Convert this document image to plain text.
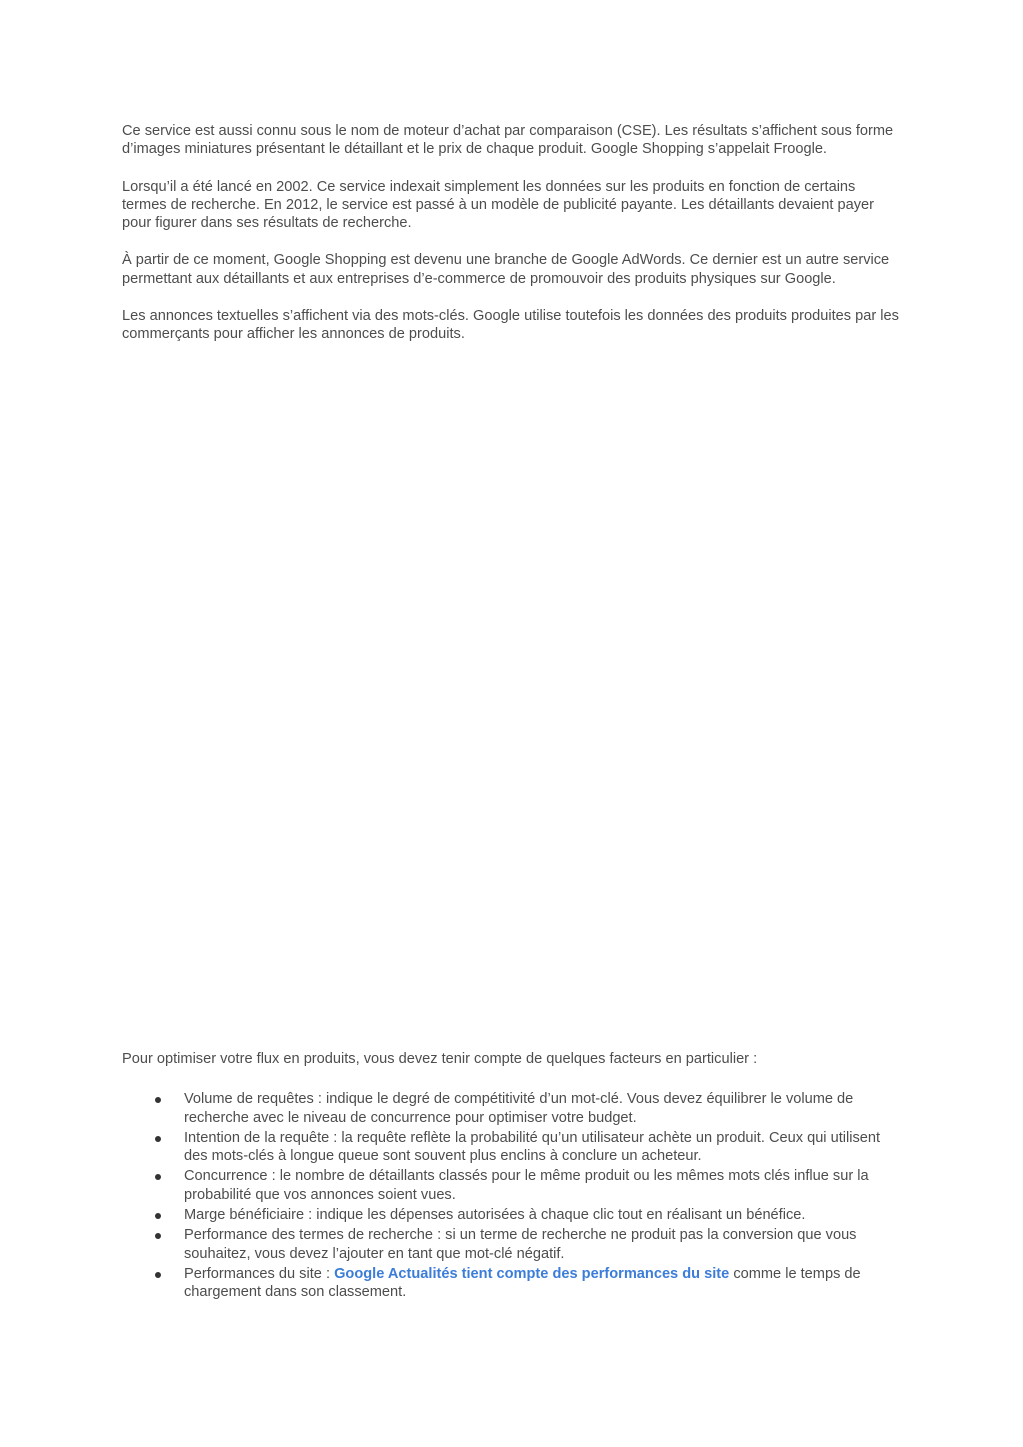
Ce service est aussi connu sous le nom de moteur d’achat par comparaison (CSE). Les résultats s’affichent sous forme d’images miniatures présentant le détaillant et le prix de chaque produit. Google Shopping s’appelait Froogle.

Lorsqu’il a été lancé en 2002. Ce service indexait simplement les données sur les produits en fonction de certains termes de recherche. En 2012, le service est passé à un modèle de publicité payante. Les détaillants devaient payer pour figurer dans ses résultats de recherche.

À partir de ce moment, Google Shopping est devenu une branche de Google AdWords. Ce dernier est un autre service permettant aux détaillants et aux entreprises d’e-commerce de promouvoir des produits physiques sur Google.

Les annonces textuelles s’affichent via des mots-clés. Google utilise toutefois les données des produits produites par les commerçants pour afficher les annonces de produits.

Pour optimiser votre flux en produits, vous devez tenir compte de quelques facteurs en particulier :

Volume de requêtes : indique le degré de compétitivité d’un mot-clé. Vous devez équilibrer le volume de recherche avec le niveau de concurrence pour optimiser votre budget.
Intention de la requête : la requête reflète la probabilité qu’un utilisateur achète un produit. Ceux qui utilisent des mots-clés à longue queue sont souvent plus enclins à conclure un acheteur.
Concurrence : le nombre de détaillants classés pour le même produit ou les mêmes mots clés influe sur la probabilité que vos annonces soient vues.
Marge bénéficiaire : indique les dépenses autorisées à chaque clic tout en réalisant un bénéfice.
Performance des termes de recherche : si un terme de recherche ne produit pas la conversion que vous souhaitez, vous devez l’ajouter en tant que mot-clé négatif.
Performances du site : Google Actualités tient compte des performances du site comme le temps de chargement dans son classement.
